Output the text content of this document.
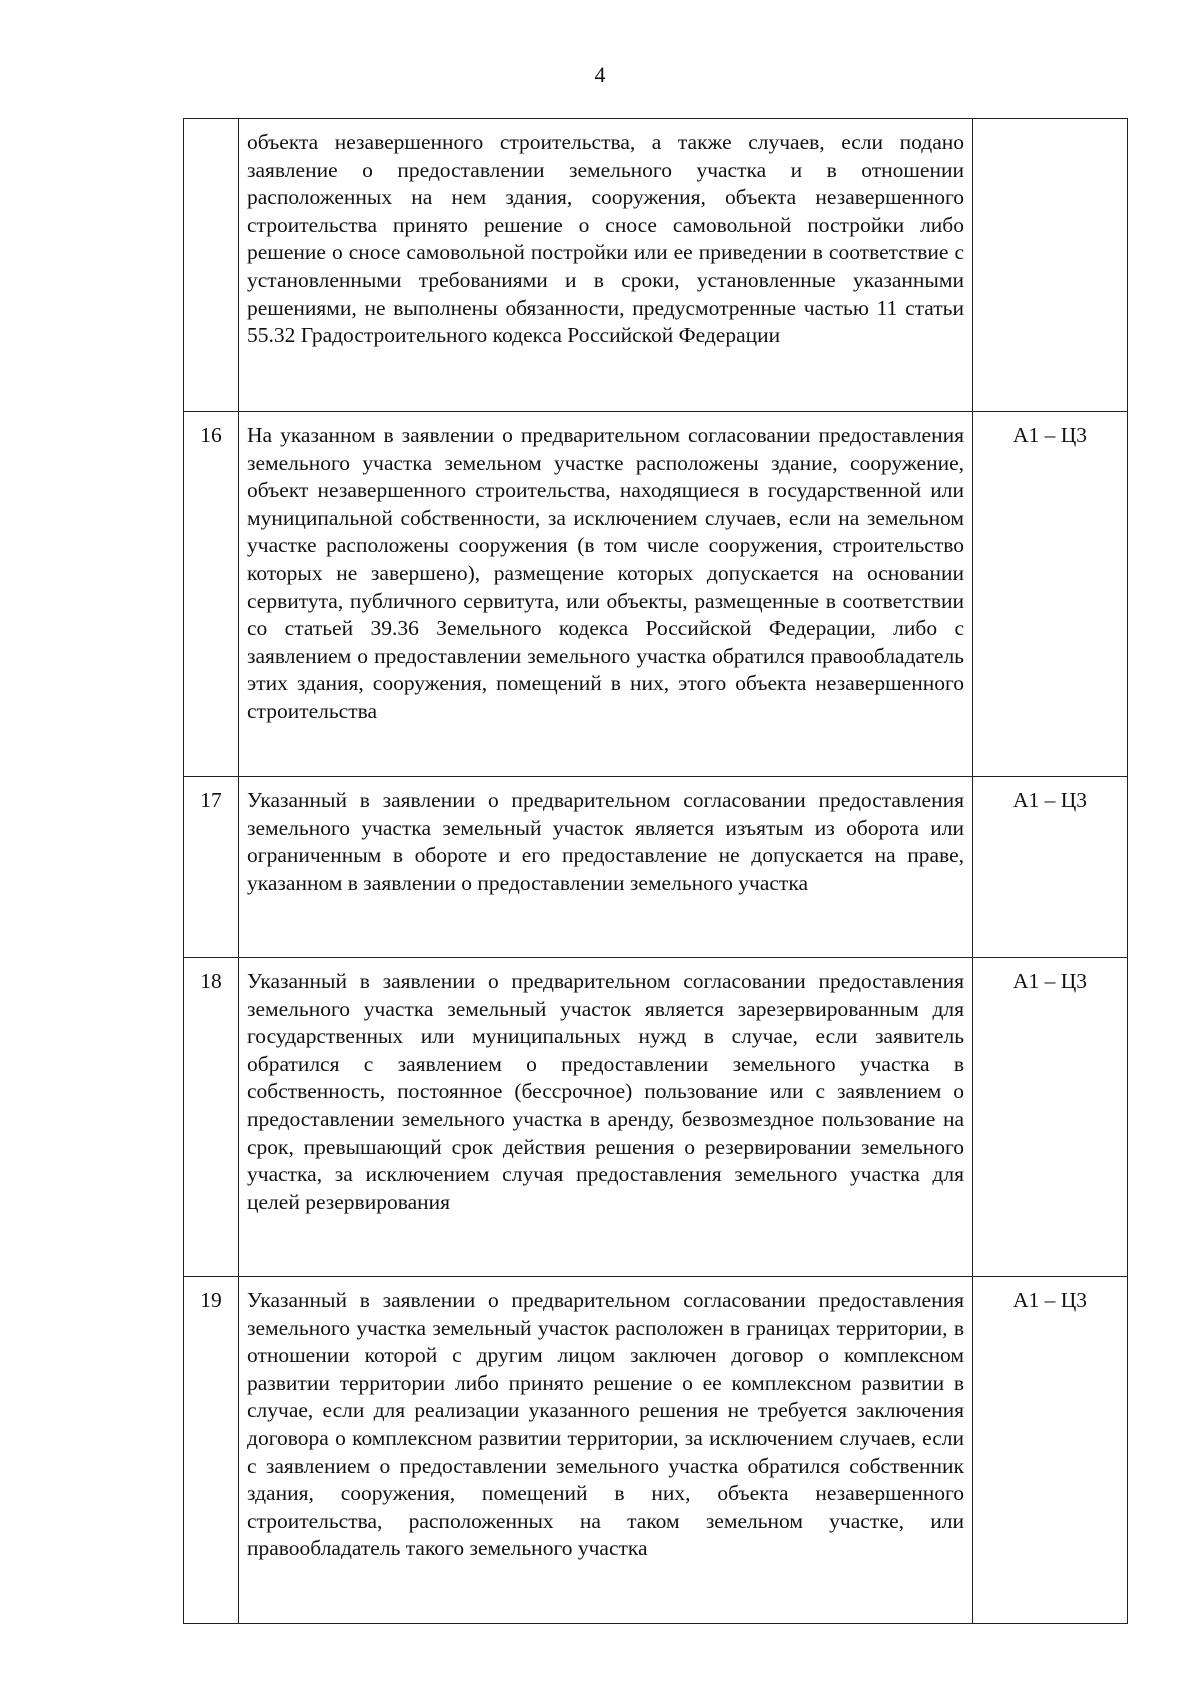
4
	объекта незавершенного строительства, а также случаев, если подано заявление о предоставлении земельного участка и в отношении расположенных на нем здания, сооружения, объекта незавершенного строительства принято решение о сносе самовольной постройки либо решение о сносе самовольной постройки или ее приведении в соответствие с установленными требованиями и в сроки, установленные указанными решениями, не выполнены обязанности, предусмотренные частью 11 статьи 55.32 Градостроительного кодекса Российской Федерации	
16	На указанном в заявлении о предварительном согласовании предоставления земельного участка земельном участке расположены здание, сооружение, объект незавершенного строительства, находящиеся в государственной или муниципальной собственности, за исключением случаев, если на земельном участке расположены сооружения (в том числе сооружения, строительство которых не завершено), размещение которых допускается на основании сервитута, публичного сервитута, или объекты, размещенные в соответствии со статьей 39.36 Земельного кодекса Российской Федерации, либо с заявлением о предоставлении земельного участка обратился правообладатель этих здания, сооружения, помещений в них, этого объекта незавершенного строительства	А1 – Ц3
17	Указанный в заявлении о предварительном согласовании предоставления земельного участка земельный участок является изъятым из оборота или ограниченным в обороте и его предоставление не допускается на праве, указанном в заявлении о предоставлении земельного участка	А1 – Ц3
18	Указанный в заявлении о предварительном согласовании предоставления земельного участка земельный участок является зарезервированным для государственных или муниципальных нужд в случае, если заявитель обратился с заявлением о предоставлении земельного участка в собственность, постоянное (бессрочное) пользование или с заявлением о предоставлении земельного участка в аренду, безвозмездное пользование на срок, превышающий срок действия решения о резервировании земельного участка, за исключением случая предоставления земельного участка для целей резервирования	А1 – Ц3
19	Указанный в заявлении о предварительном согласовании предоставления земельного участка земельный участок расположен в границах территории, в отношении которой с другим лицом заключен договор о комплексном развитии территории либо принято решение о ее комплексном развитии в случае, если для реализации указанного решения не требуется заключения договора о комплексном развитии территории, за исключением случаев, если с заявлением о предоставлении земельного участка обратился собственник здания, сооружения, помещений в них, объекта незавершенного строительства, расположенных на таком земельном участке, или правообладатель такого земельного участка	А1 – Ц3
